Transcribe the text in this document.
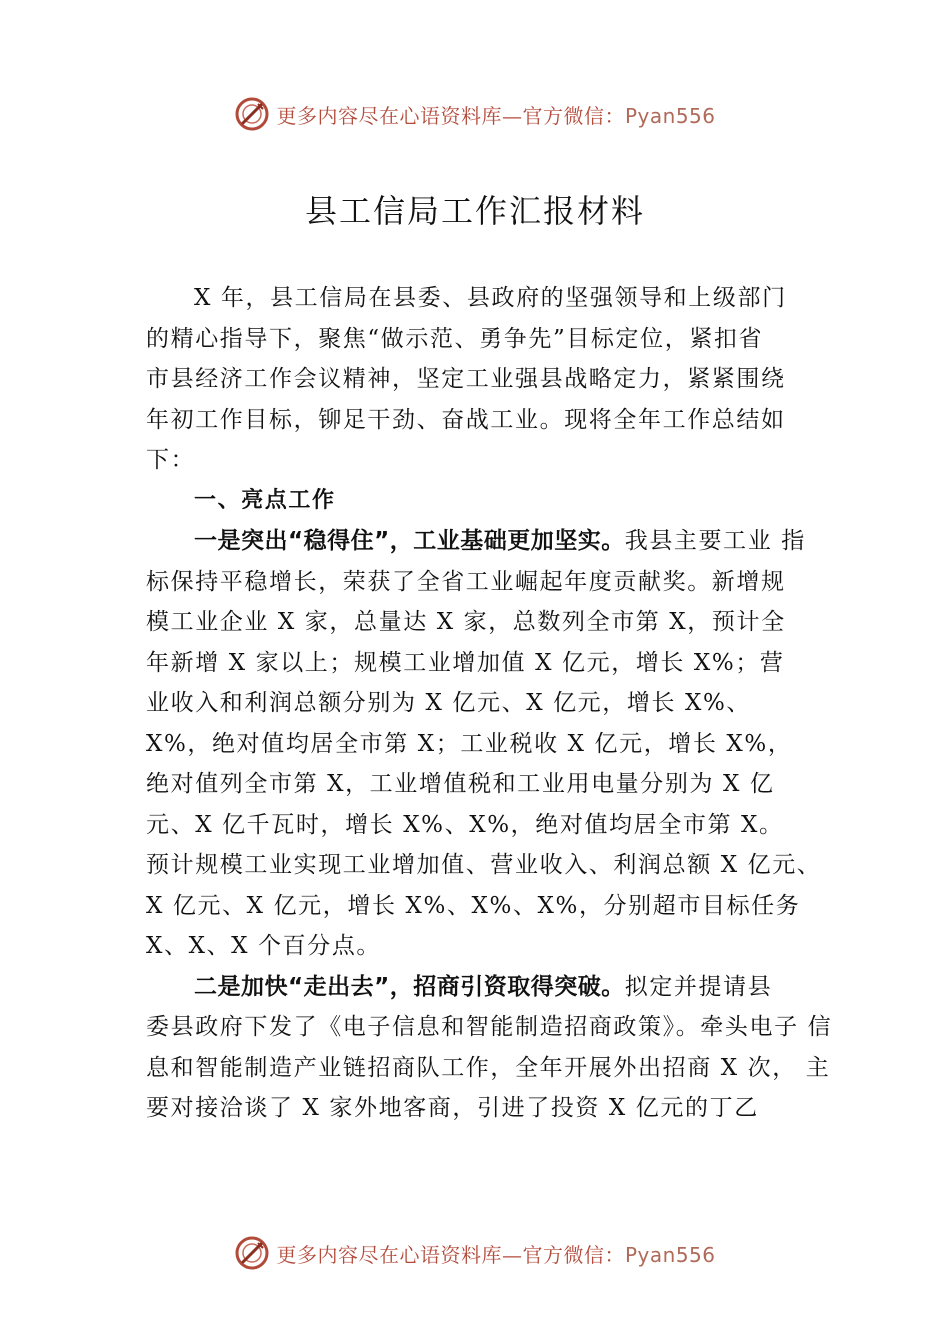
更多内容尽在心语资料库—官方微信：Pyan556
县工信局工作汇报材料
X 年，县工信局在县委、县政府的坚强领导和上级部门
的精心指导下，聚焦“做示范、勇争先”目标定位，紧扣省
市县经济工作会议精神，坚定工业强县战略定力，紧紧围绕
年初工作目标，铆足干劲、奋战工业。现将全年工作总结如
下：
一、亮点工作
一是突出“稳得住”，工业基础更加坚实。我县主要工业 指
标保持平稳增长，荣获了全省工业崛起年度贡献奖。新增规
模工业企业 X 家，总量达 X 家，总数列全市第 X，预计全
年新增 X 家以上；规模工业增加值 X 亿元，增长 X%；营
业收入和利润总额分别为 X 亿元、X 亿元，增长 X%、
X%，绝对值均居全市第 X；工业税收 X 亿元，增长 X%，
绝对值列全市第 X，工业增值税和工业用电量分别为 X 亿
元、X 亿千瓦时，增长 X%、X%，绝对值均居全市第 X。
预计规模工业实现工业增加值、营业收入、利润总额 X 亿元、
X 亿元、X 亿元，增长 X%、X%、X%，分别超市目标任务
X、X、X 个百分点。
二是加快“走出去”，招商引资取得突破。拟定并提请县
委县政府下发了《电子信息和智能制造招商政策》。牵头电子 信
息和智能制造产业链招商队工作，全年开展外出招商 X 次， 主
要对接洽谈了 X 家外地客商，引进了投资 X 亿元的丁乙
更多内容尽在心语资料库—官方微信：Pyan556
